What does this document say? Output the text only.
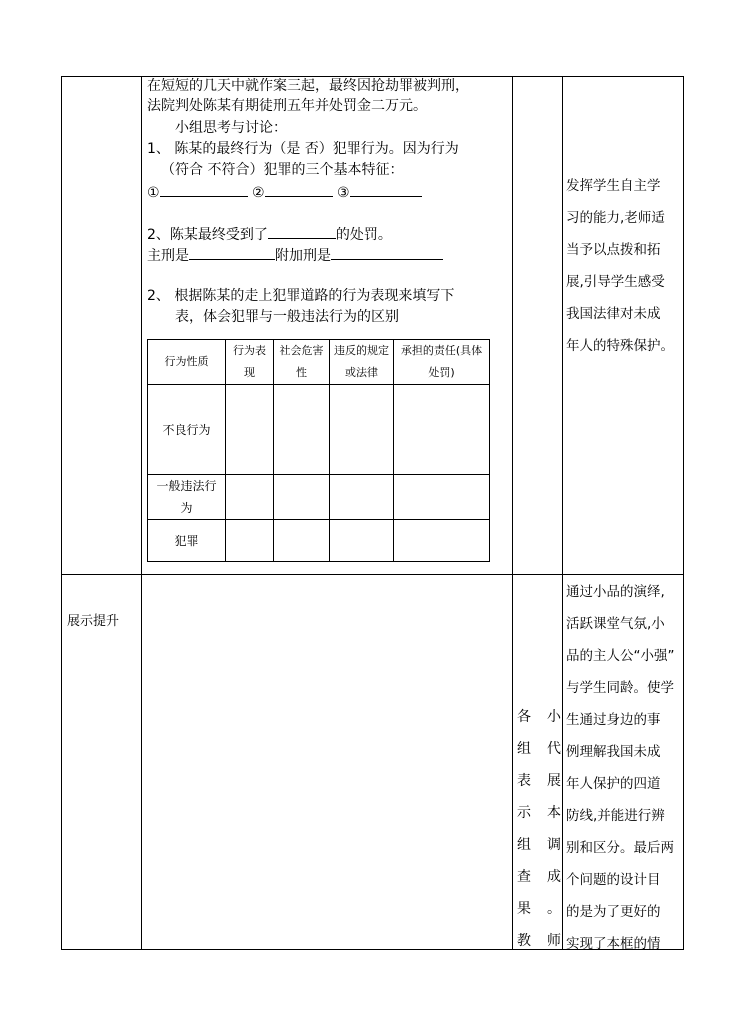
在短短的几天中就作案三起，最终因抢劫罪被判刑，
法院判处陈某有期徒刑五年并处罚金二万元。
小组思考与讨论：
1、 陈某的最终行为（是 否）犯罪行为。因为行为
（符合 不符合）犯罪的三个基本特征：
①	②	③
2、陈某最终受到了	的处罚。
主刑是	附加刑是
2、 根据陈某的走上犯罪道路的行为表现来填写下
表，体会犯罪与一般违法行为的区别
行为性质	行为表现	社会危害性	违反的规定或法律	承担的责任(具体处罚)
不良行为				
一般违法行为				
犯罪				
发挥学生自主学
习的能力,老师适
当予以点拨和拓
展,引导学生感受
我国法律对未成
年人的特殊保护。
展示提升
各 小
组 代
表 展
示 本
组 调
查 成
果 。
教 师
通过小品的演绎,
活跃课堂气氛,小
品的主人公“小强”
与学生同龄。使学
生通过身边的事
例理解我国未成
年人保护的四道
防线,并能进行辨
别和区分。最后两
个问题的设计目
的是为了更好的
实现了本框的情
